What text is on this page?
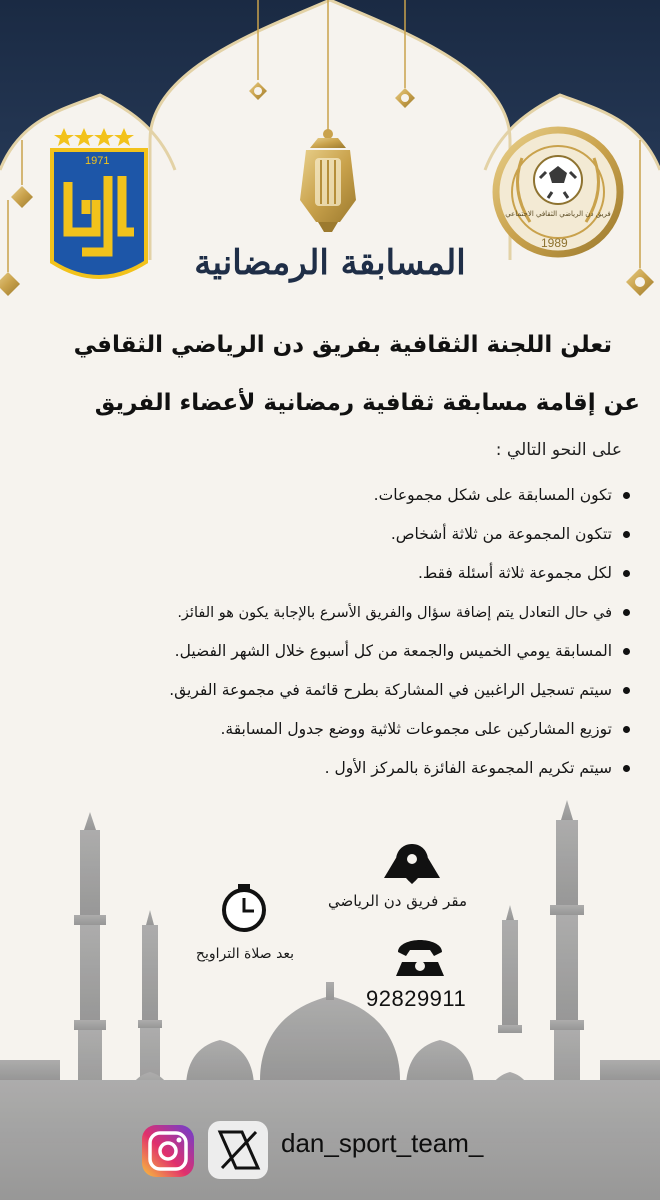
1971
1989
فريق دن الرياضي الثقافي الاجتماعي
المسابقة الرمضانية
تعلن اللجنة الثقافية بفريق دن الرياضي الثقافي
عن إقامة مسابقة ثقافية رمضانية لأعضاء الفريق
على النحو التالي :
تكون المسابقة على شكل مجموعات.
تتكون المجموعة من ثلاثة أشخاص.
لكل مجموعة ثلاثة أسئلة فقط.
في حال التعادل يتم إضافة سؤال والفريق الأسرع بالإجابة يكون هو الفائز.
المسابقة يومي الخميس والجمعة من كل أسبوع خلال الشهر الفضيل.
سيتم تسجيل الراغبين في المشاركة بطرح قائمة في مجموعة الفريق.
توزيع المشاركين على مجموعات ثلاثية ووضع جدول المسابقة.
سيتم تكريم المجموعة الفائزة بالمركز الأول .
مقر فريق دن الرياضي
بعد صلاة التراويح
92829911
dan_sport_team_
